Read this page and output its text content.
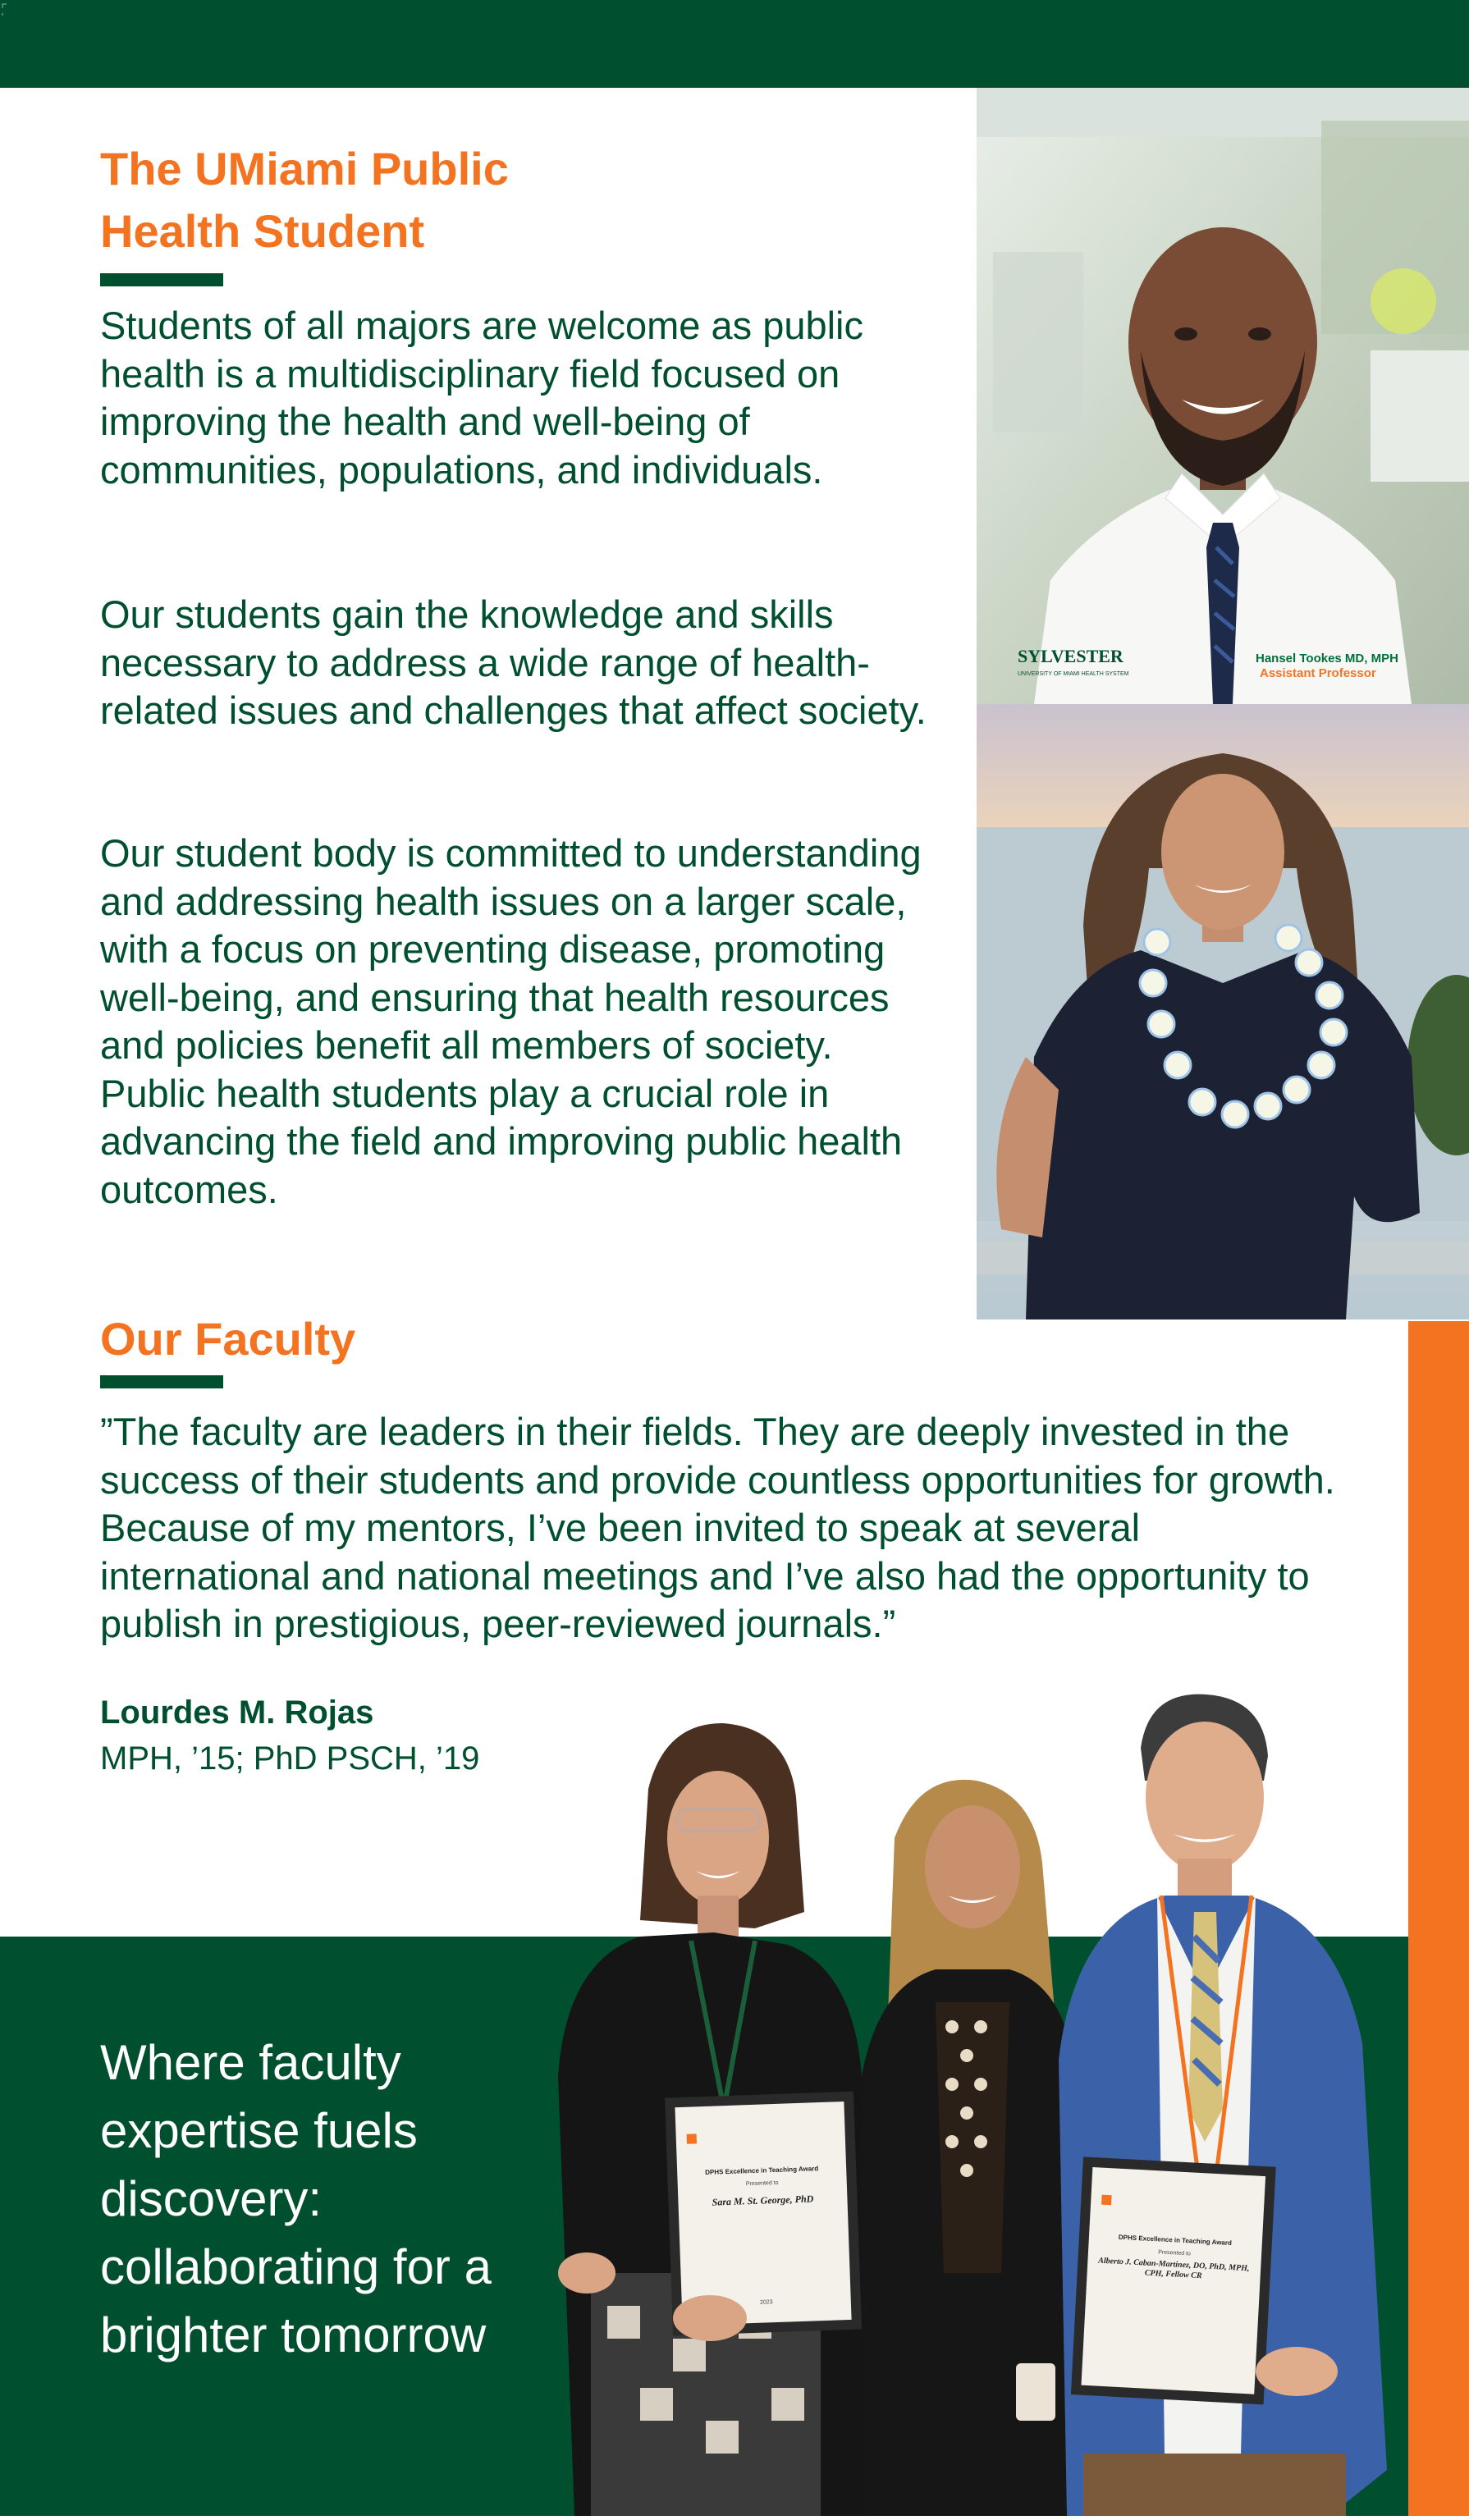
The UMiami Public Health Student

Students of all majors are welcome as public health is a multidisciplinary field focused on improving the health and well-being of communities, populations, and individuals.

Our students gain the knowledge and skills necessary to address a wide range of health-related issues and challenges that affect society.

Our student body is committed to understanding and addressing health issues on a larger scale, with a focus on preventing disease, promoting well-being, and ensuring that health resources and policies benefit all members of society. Public health students play a crucial role in advancing the field and improving public health outcomes.

SYLVESTER
UNIVERSITY OF MIAMI HEALTH SYSTEM
Hansel Tookes MD, MPH
Assistant Professor
Our Faculty

”The faculty are leaders in their fields. They are deeply invested in the success of their students and provide countless opportunities for growth. Because of my mentors, I’ve been invited to speak at several international and national meetings and I’ve also had the opportunity to publish in prestigious, peer-reviewed journals.”

Lourdes M. Rojas

MPH, ’15; PhD PSCH, ’19

Where faculty expertise fuels discovery: collaborating for a brighter tomorrow

DPHS Excellence in Teaching Award
Presented to
Sara M. St. George, PhD
2023
DPHS Excellence in Teaching Award
Presented to
Alberto J. Caban-Martinez, DO, PhD, MPH, CPH, Fellow CR
